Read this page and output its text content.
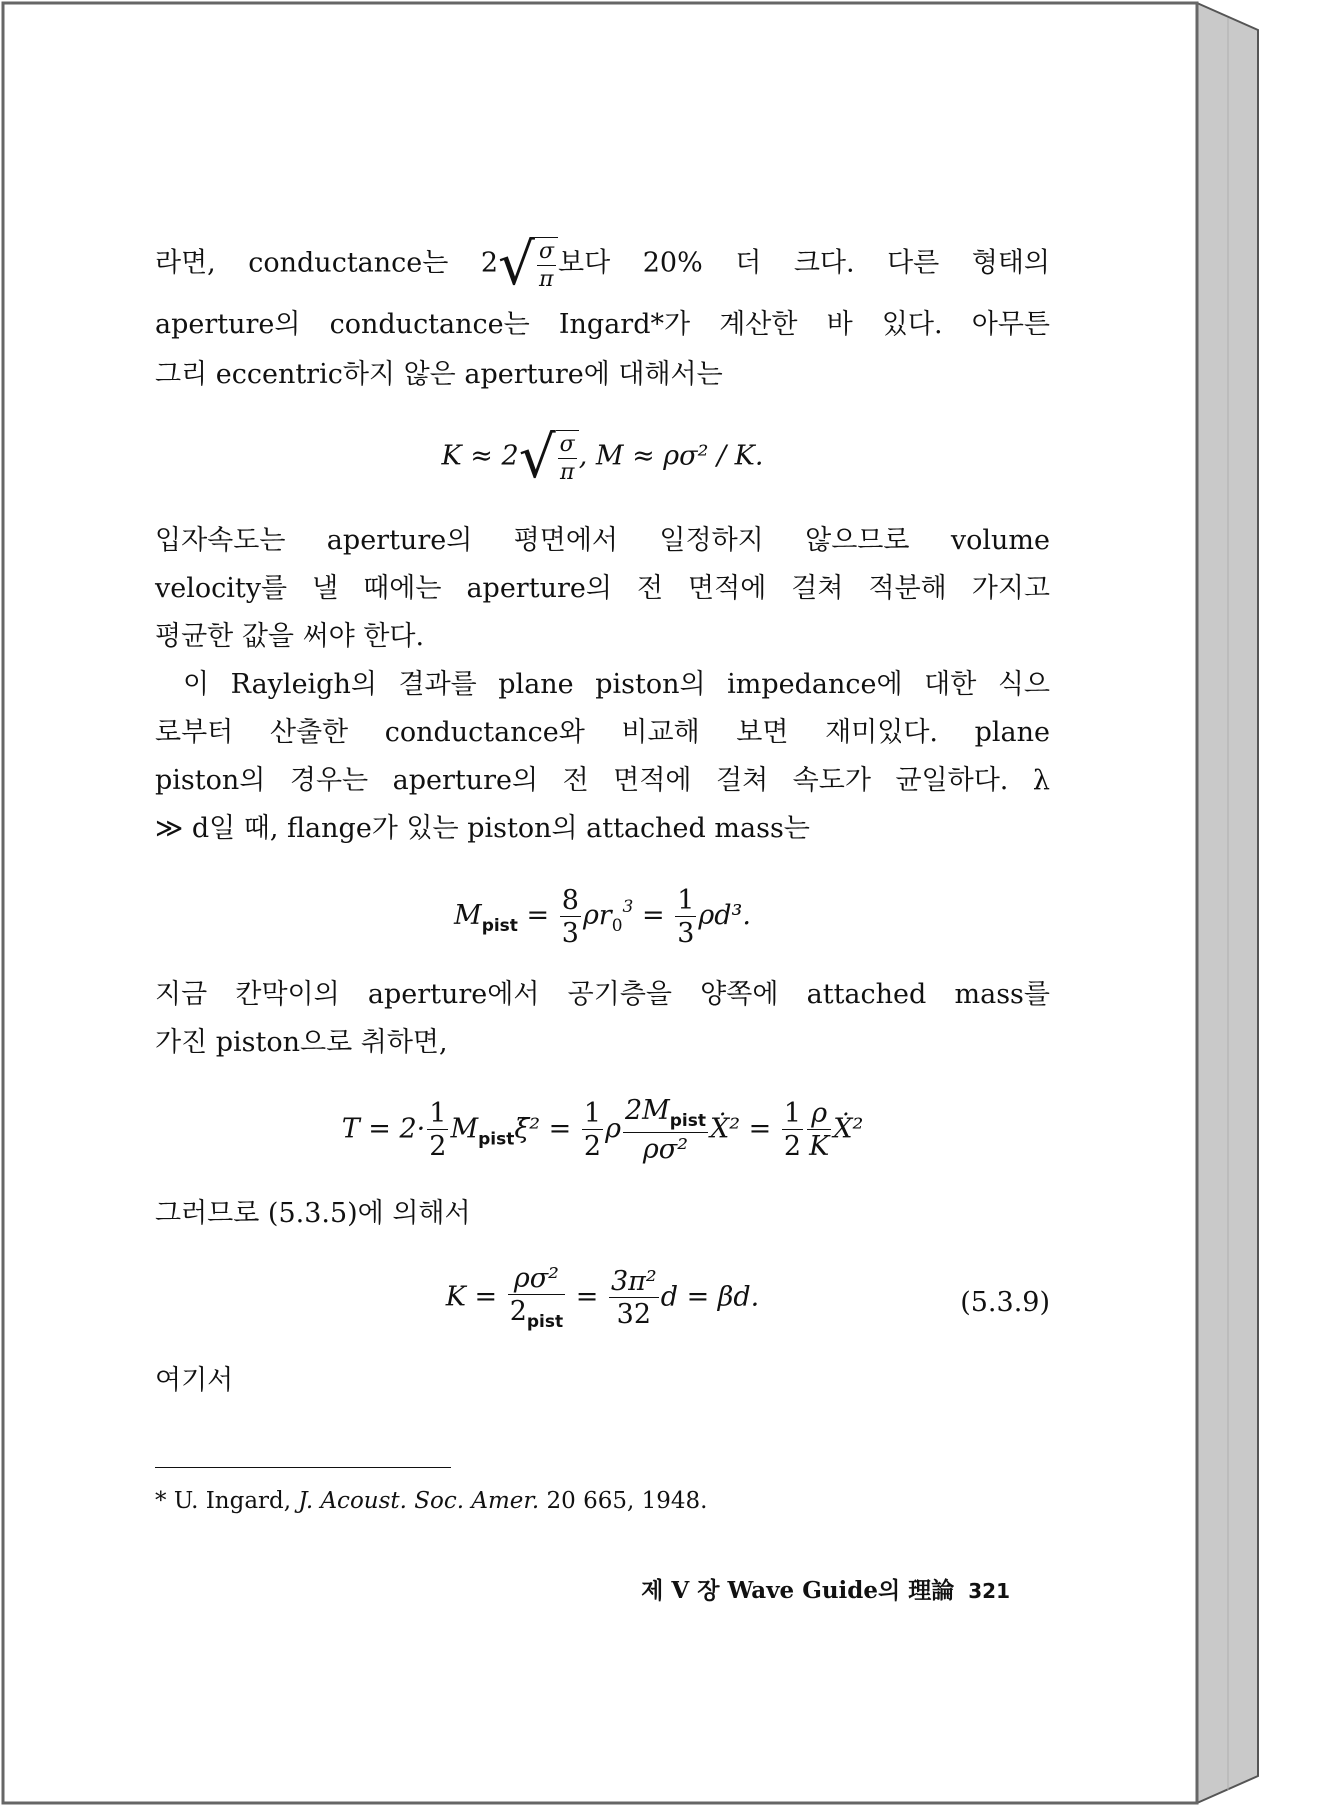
라면, conductance는 $2√ \frac{\sigma}{\pi}$ 보다 20% 더 크다. 다른 형태의
aperture의 conductance는 Ingard*가 계산한 바 있다. 아무튼
그리 eccentric하지 않은 aperture에 대해서는
$K \approx 2√ \frac{\sigma}{\pi}$ , M ≈ ρσ² / K.
입자속도는 aperture의 평면에서 일정하지 않으므로 volume
velocity를 낼 때에는 aperture의 전 면적에 걸쳐 적분해 가지고
평균한 값을 써야 한다.
이 Rayleigh의 결과를 plane piston의 impedance에 대한 식으
로부터 산출한 conductance와 비교해 보면 재미있다. plane
piston의 경우는 aperture의 전 면적에 걸쳐 속도가 균일하다. λ
≫ d일 때, flange가 있는 piston의 attached mass는
$M_{pist} = \frac{8}{3} \rho r_0^3 = \frac{1}{3} \rho d^3$.
지금 칸막이의 aperture에서 공기층을 양쪽에 attached mass를
가진 piston으로 취하면,
$T = 2\cdot \frac{1}{2}$ $M_{pist}\xi̇^2 = \frac{1}{2}$ ρ $\frac{2M_{pist}}{\text{ρσ²}}$ Ẋ² = $\frac{1}{2} \frac{\rho}{K}$ Ẋ²
그러므로 (5.3.5)에 의해서
$K = \frac{\text{ρσ²}}{2_{pist}} = \frac{\text{3π²}}{32}$ d = βd.	(5.3.9)
여기서
* U. Ingard, J. Acoust. Soc. Amer. 20 665, 1948.
제 V 장 Wave Guide의 理論 321
